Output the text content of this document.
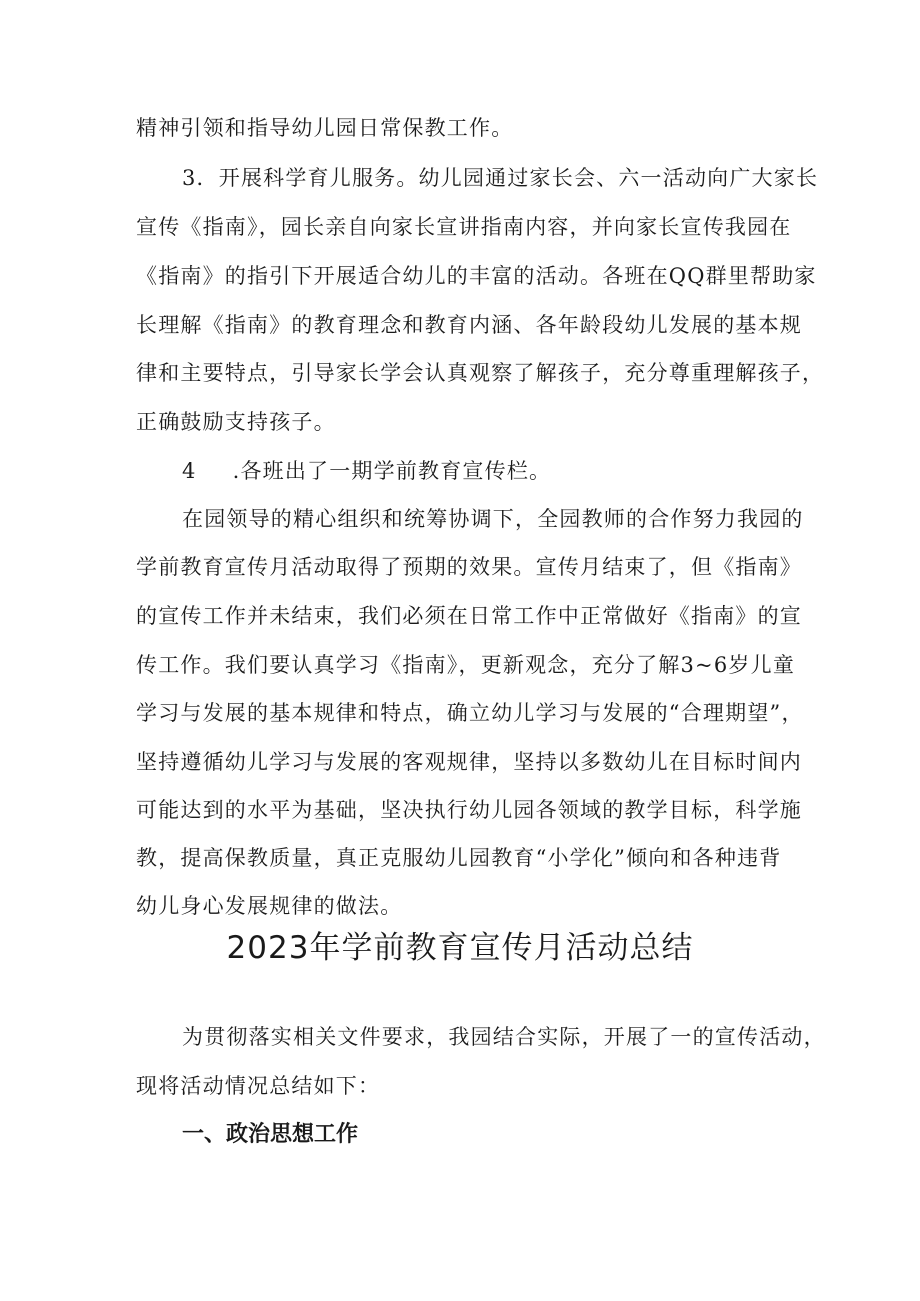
精神引领和指导幼儿园日常保教工作。

3．开展科学育儿服务。幼儿园通过家长会、六一活动向广大家长

宣传《指南》，园长亲自向家长宣讲指南内容，并向家长宣传我园在

《指南》的指引下开展适合幼儿的丰富的活动。各班在QQ群里帮助家

长理解《指南》的教育理念和教育内涵、各年龄段幼儿发展的基本规

律和主要特点，引导家长学会认真观察了解孩子，充分尊重理解孩子，

正确鼓励支持孩子。

4 .各班出了一期学前教育宣传栏。

在园领导的精心组织和统筹协调下，全园教师的合作努力我园的

学前教育宣传月活动取得了预期的效果。宣传月结束了，但《指南》

的宣传工作并未结束，我们必须在日常工作中正常做好《指南》的宣

传工作。我们要认真学习《指南》，更新观念，充分了解3~6岁儿童

学习与发展的基本规律和特点，确立幼儿学习与发展的“合理期望”，

坚持遵循幼儿学习与发展的客观规律，坚持以多数幼儿在目标时间内

可能达到的水平为基础，坚决执行幼儿园各领域的教学目标，科学施

教，提高保教质量，真正克服幼儿园教育“小学化”倾向和各种违背

幼儿身心发展规律的做法。

2023年学前教育宣传月活动总结

为贯彻落实相关文件要求，我园结合实际，开展了一的宣传活动，

现将活动情况总结如下：

一、政治思想工作
